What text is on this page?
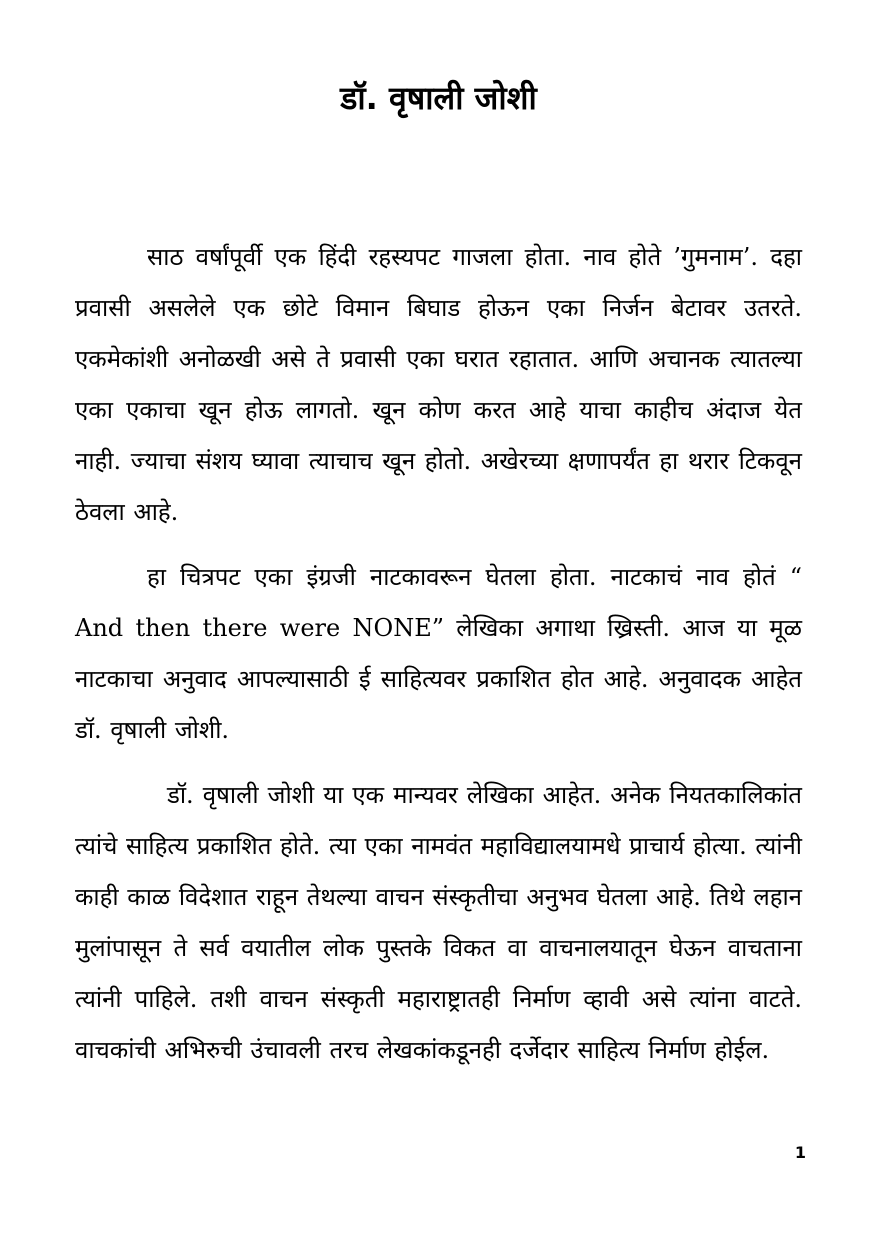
डॉ. वृषाली जोशी

साठ वर्षांपूर्वी एक हिंदी रहस्यपट गाजला होता. नाव होते ’गुमनाम’. दहा प्रवासी असलेले एक छोटे विमान बिघाड होऊन एका निर्जन बेटावर उतरते. एकमेकांशी अनोळखी असे ते प्रवासी एका घरात रहातात. आणि अचानक त्यातल्या एका एकाचा खून होऊ लागतो. खून कोण करत आहे याचा काहीच अंदाज येत नाही. ज्याचा संशय घ्यावा त्याचाच खून होतो. अखेरच्या क्षणापर्यंत हा थरार टिकवून ठेवला आहे.

हा चित्रपट एका इंग्रजी नाटकावरून घेतला होता. नाटकाचं नाव होतं “ And then there were NONE” लेखिका अगाथा ख्रिस्ती. आज या मूळ नाटकाचा अनुवाद आपल्यासाठी ई साहित्यवर प्रकाशित होत आहे. अनुवादक आहेत डॉ. वृषाली जोशी.

डॉ. वृषाली जोशी या एक मान्यवर लेखिका आहेत. अनेक नियतकालिकांत त्यांचे साहित्य प्रकाशित होते. त्या एका नामवंत महाविद्यालयामधे प्राचार्य होत्या. त्यांनी काही काळ विदेशात राहून तेथल्या वाचन संस्कृतीचा अनुभव घेतला आहे. तिथे लहान मुलांपासून ते सर्व वयातील लोक पुस्तके विकत वा वाचनालयातून घेऊन वाचताना त्यांनी पाहिले. तशी वाचन संस्कृती महाराष्ट्रातही निर्माण व्हावी असे त्यांना वाटते. वाचकांची अभिरुची उंचावली तरच लेखकांकडूनही दर्जेदार साहित्य निर्माण होईल.

1
